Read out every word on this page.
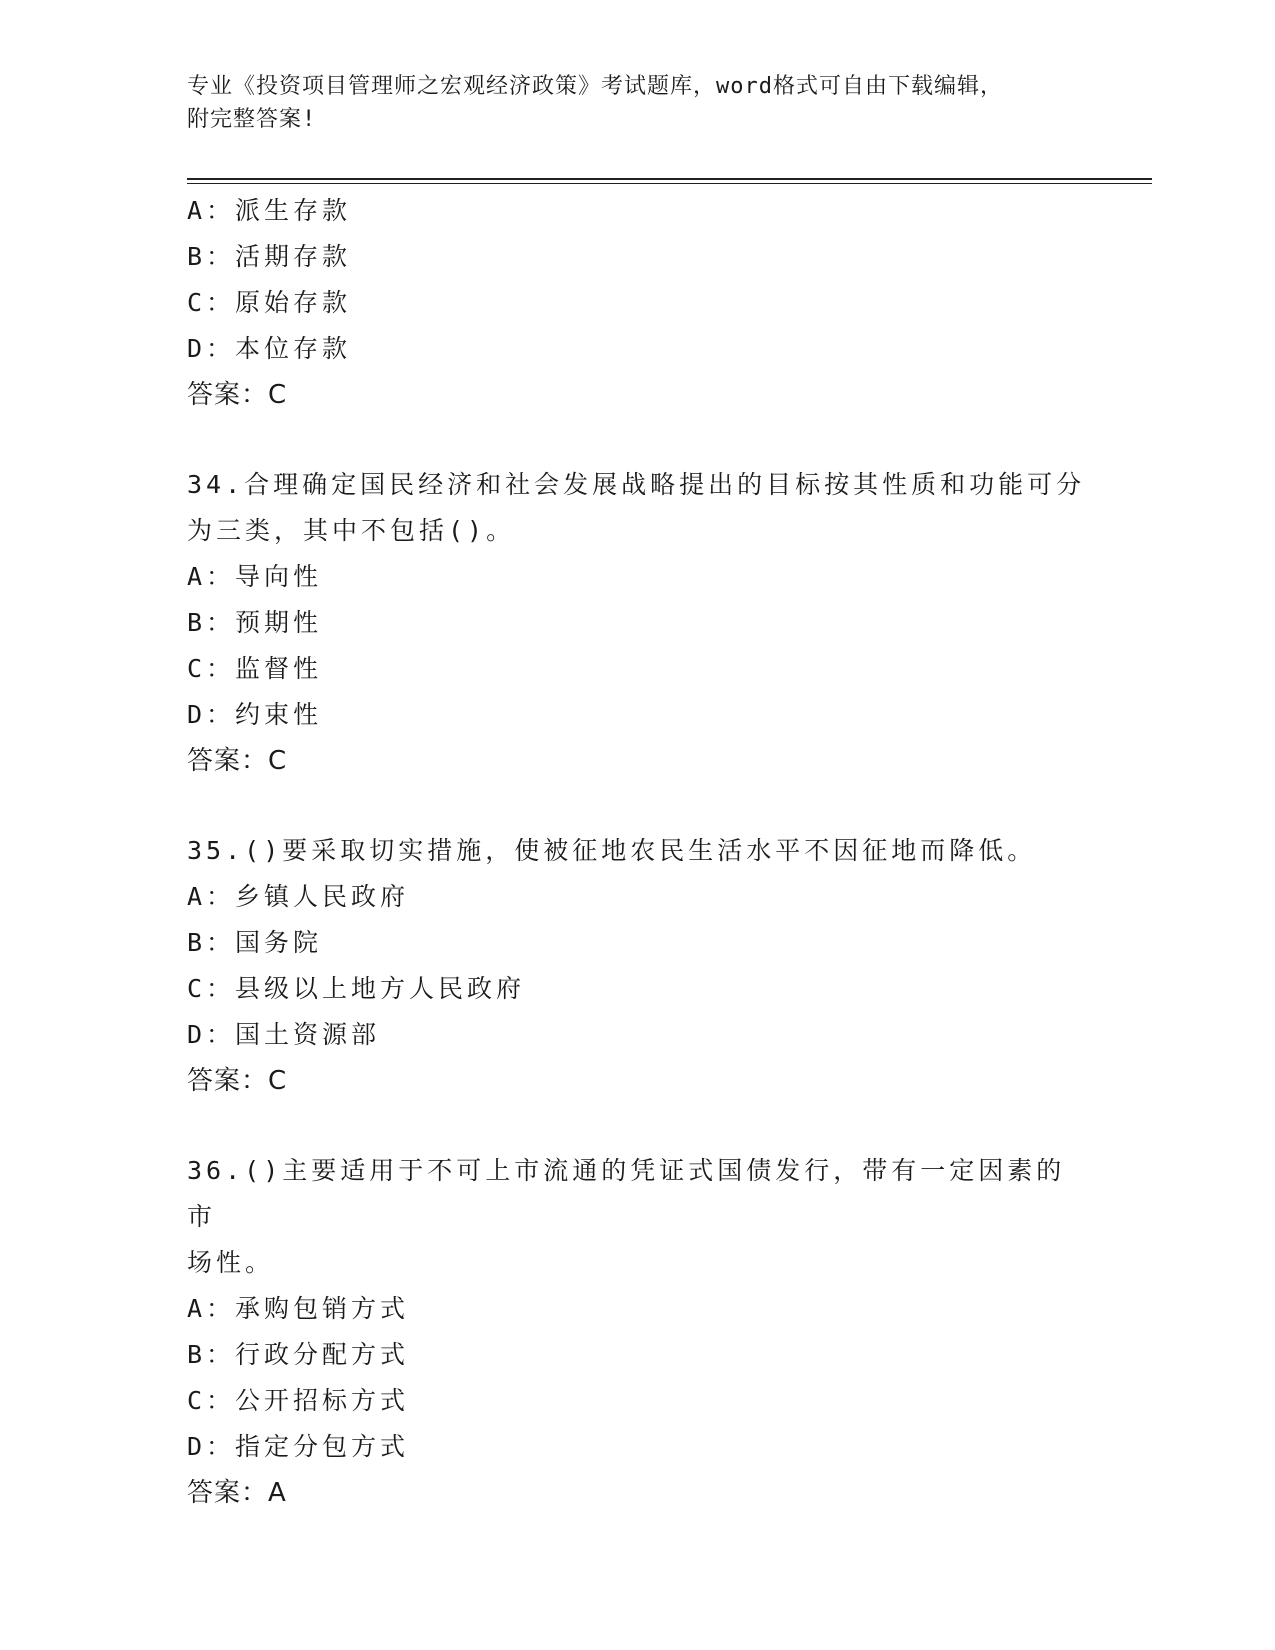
专业《投资项目管理师之宏观经济政策》考试题库，word格式可自由下载编辑，
附完整答案!
A：派生存款
B：活期存款
C：原始存款
D：本位存款
答案：C
34.合理确定国民经济和社会发展战略提出的目标按其性质和功能可分
为三类，其中不包括()。
A：导向性
B：预期性
C：监督性
D：约束性
答案：C
35.()要采取切实措施，使被征地农民生活水平不因征地而降低。
A：乡镇人民政府
B：国务院
C：县级以上地方人民政府
D：国土资源部
答案：C
36.()主要适用于不可上市流通的凭证式国债发行，带有一定因素的市
场性。
A：承购包销方式
B：行政分配方式
C：公开招标方式
D：指定分包方式
答案：A
